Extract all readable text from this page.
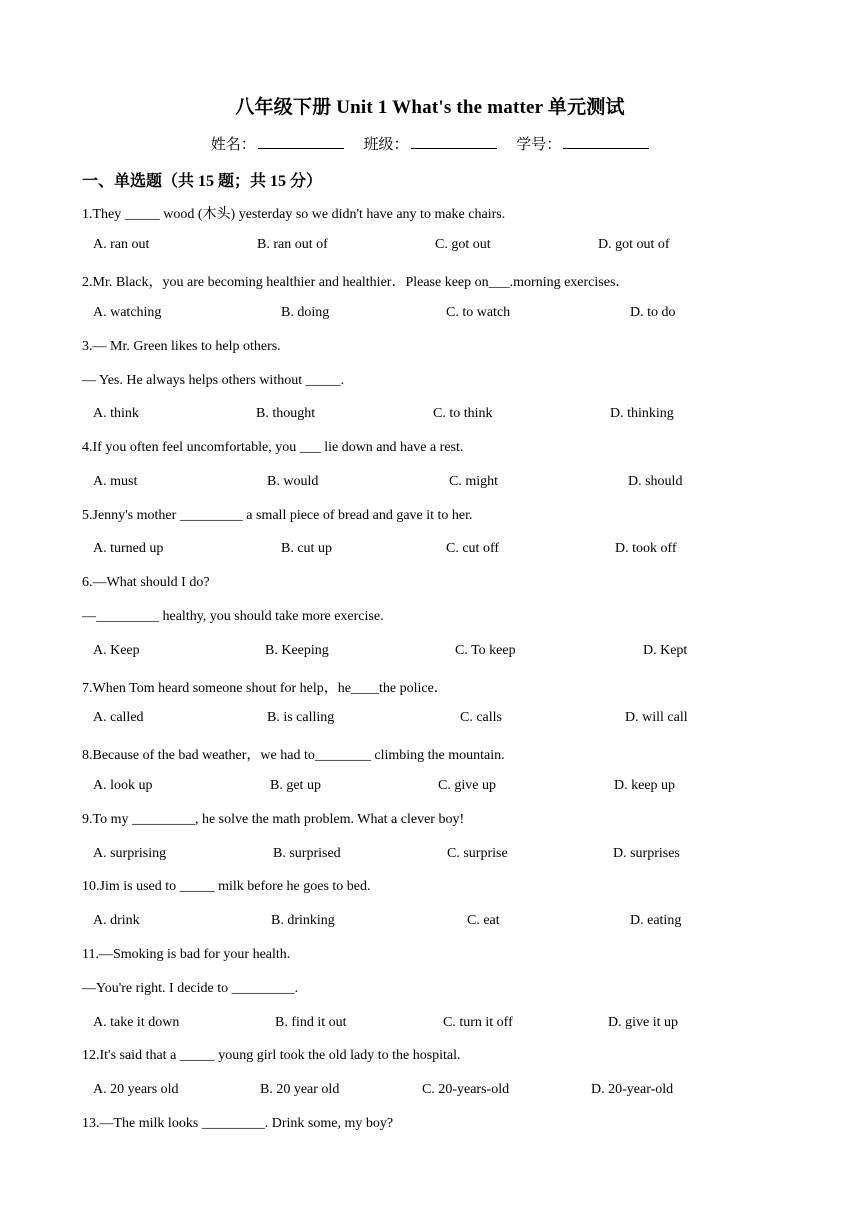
八年级下册 Unit 1 What's the matter 单元测试
姓名：	班级：	学号：
一、单选题（共 15 题；共 15 分）
1.They _____ wood (木头) yesterday so we didn't have any to make chairs.
A. ran out	B. ran out of	C. got out	D. got out of
2.Mr. Black，you are becoming healthier and healthier．Please keep on___.morning exercises．
A. watching	B. doing	C. to watch	D. to do
3.— Mr. Green likes to help others.
— Yes. He always helps others without _____.
A. think	B. thought	C. to think	D. thinking
4.If you often feel uncomfortable, you ___ lie down and have a rest.
A. must	B. would	C. might	D. should
5.Jenny's mother _________ a small piece of bread and gave it to her.
A. turned up	B. cut up	C. cut off	D. took off
6.—What should I do?
—_________ healthy, you should take more exercise.
A. Keep	B. Keeping	C. To keep	D. Kept
7.When Tom heard someone shout for help，he____the police．
A. called	B. is calling	C. calls	D. will call
8.Because of the bad weather，we had to________ climbing the mountain.
A. look up	B. get up	C. give up	D. keep up
9.To my _________, he solve the math problem. What a clever boy!
A. surprising	B. surprised	C. surprise	D. surprises
10.Jim is used to _____ milk before he goes to bed.
A. drink	B. drinking	C. eat	D. eating
11.—Smoking is bad for your health.
—You're right. I decide to _________.
A. take it down	B. find it out	C. turn it off	D. give it up
12.It's said that a _____ young girl took the old lady to the hospital.
A. 20 years old	B. 20 year old	C. 20-years-old	D. 20-year-old
13.—The milk looks _________. Drink some, my boy?
